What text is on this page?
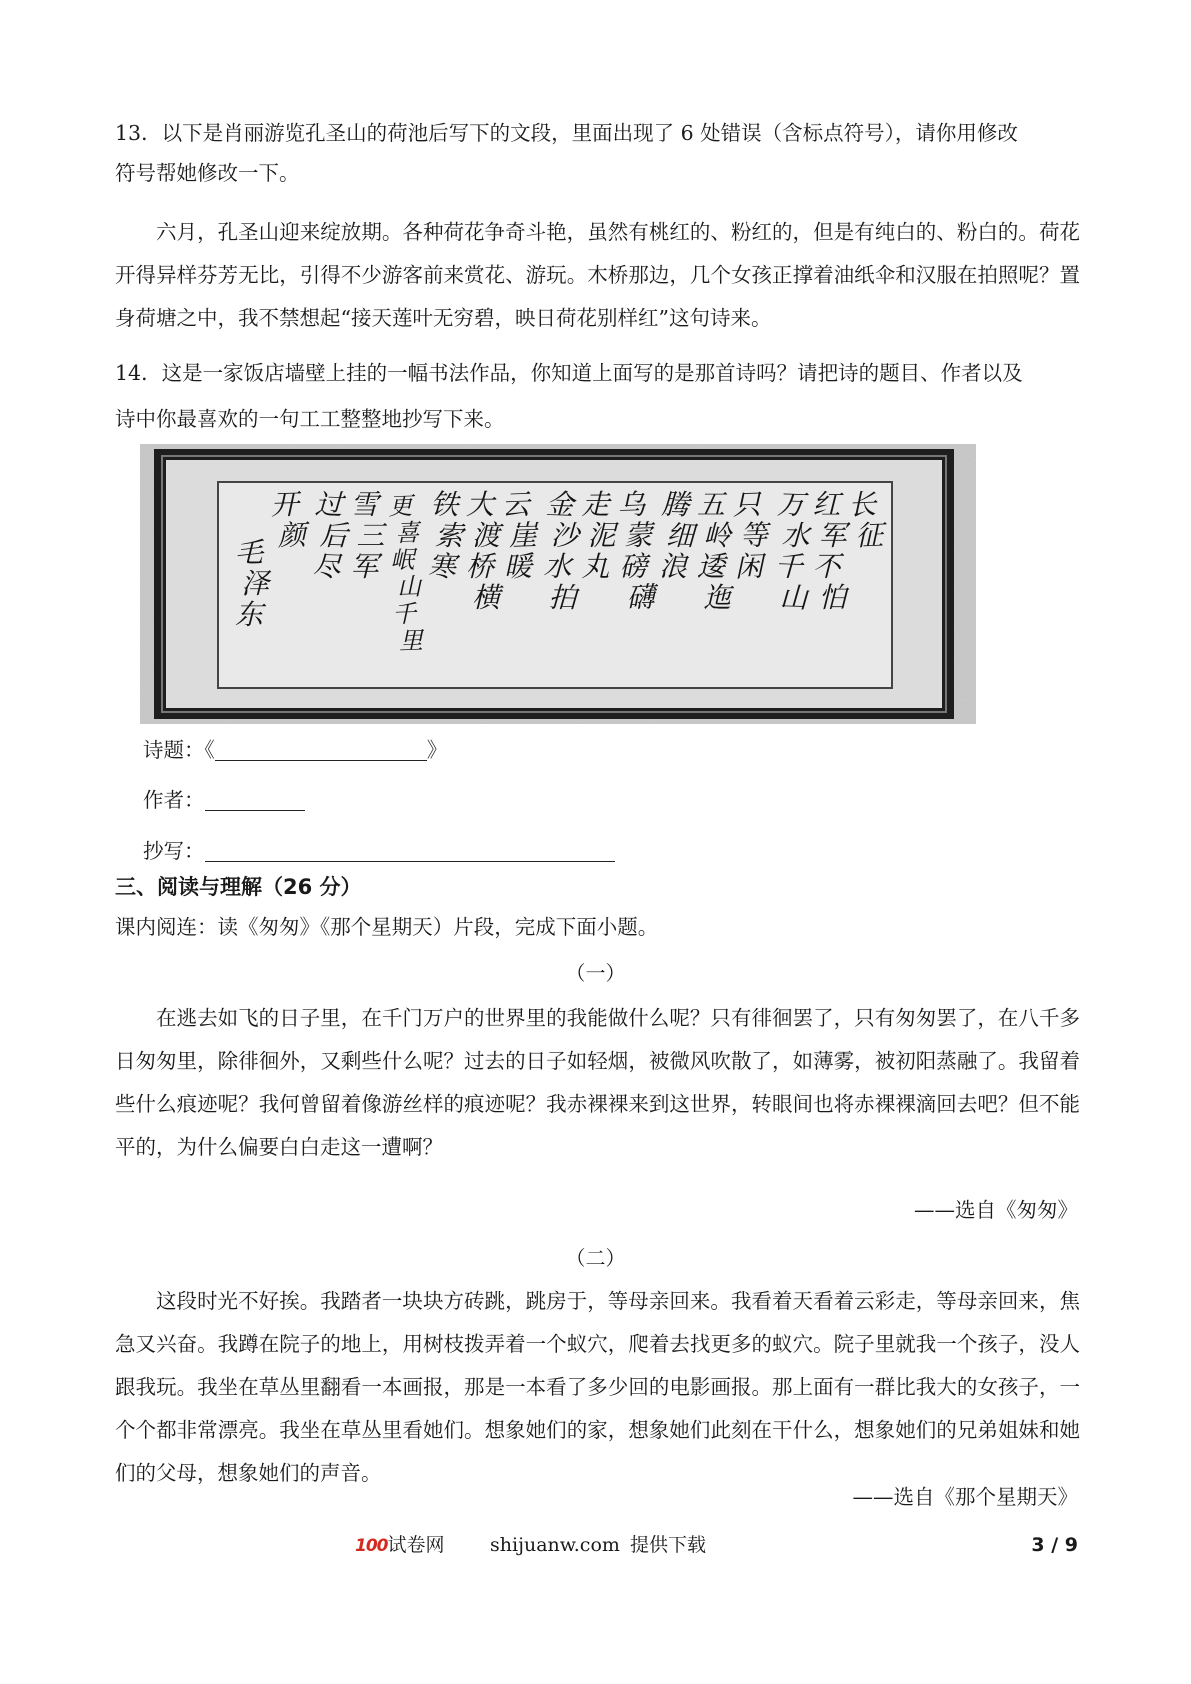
13．以下是肖丽游览孔圣山的荷池后写下的文段，里面出现了 6 处错误（含标点符号），请你用修改
符号帮她修改一下。

六月，孔圣山迎来绽放期。各种荷花争奇斗艳，虽然有桃红的、粉红的，但是有纯白的、粉白的。荷花开得异样芬芳无比，引得不少游客前来赏花、游玩。木桥那边，几个女孩正撑着油纸伞和汉服在拍照呢？置身荷塘之中，我不禁想起“接天莲叶无穷碧，映日荷花别样红”这句诗来。

14．这是一家饭店墙壁上挂的一幅书法作品，你知道上面写的是那首诗吗？请把诗的题目、作者以及
诗中你最喜欢的一句工工整整地抄写下来。
长征
红军不怕
万水千山
只等闲
五岭逶迤
腾细浪
乌蒙磅礴
走泥丸
金沙水拍
云崖暖
大渡桥横
铁索寒
更喜岷山千里
雪三军
过后尽
开颜
毛泽东
诗题：《	》
作者：
抄写：
三、阅读与理解（26 分）
课内阅连：读《匆匆》《那个星期天）片段，完成下面小题。
（一）

在逃去如飞的日子里，在千门万户的世界里的我能做什么呢？只有徘徊罢了，只有匆匆罢了，在八千多日匆匆里，除徘徊外，又剩些什么呢？过去的日子如轻烟，被微风吹散了，如薄雾，被初阳蒸融了。我留着些什么痕迹呢？我何曾留着像游丝样的痕迹呢？我赤裸裸来到这世界，转眼间也将赤裸裸滴回去吧？但不能平的，为什么偏要白白走这一遭啊？

——选自《匆匆》
（二）

这段时光不好挨。我踏者一块块方砖跳，跳房于，等母亲回来。我看着天看着云彩走，等母亲回来，焦急又兴奋。我蹲在院子的地上，用树枝拨弄着一个蚁穴，爬着去找更多的蚁穴。院子里就我一个孩子，没人跟我玩。我坐在草丛里翻看一本画报，那是一本看了多少回的电影画报。那上面有一群比我大的女孩子，一个个都非常漂亮。我坐在草丛里看她们。想象她们的家，想象她们此刻在干什么，想象她们的兄弟姐妹和她们的父母，想象她们的声音。

——选自《那个星期天》
100试卷网 shijuanw.com 提供下载	3 / 9
